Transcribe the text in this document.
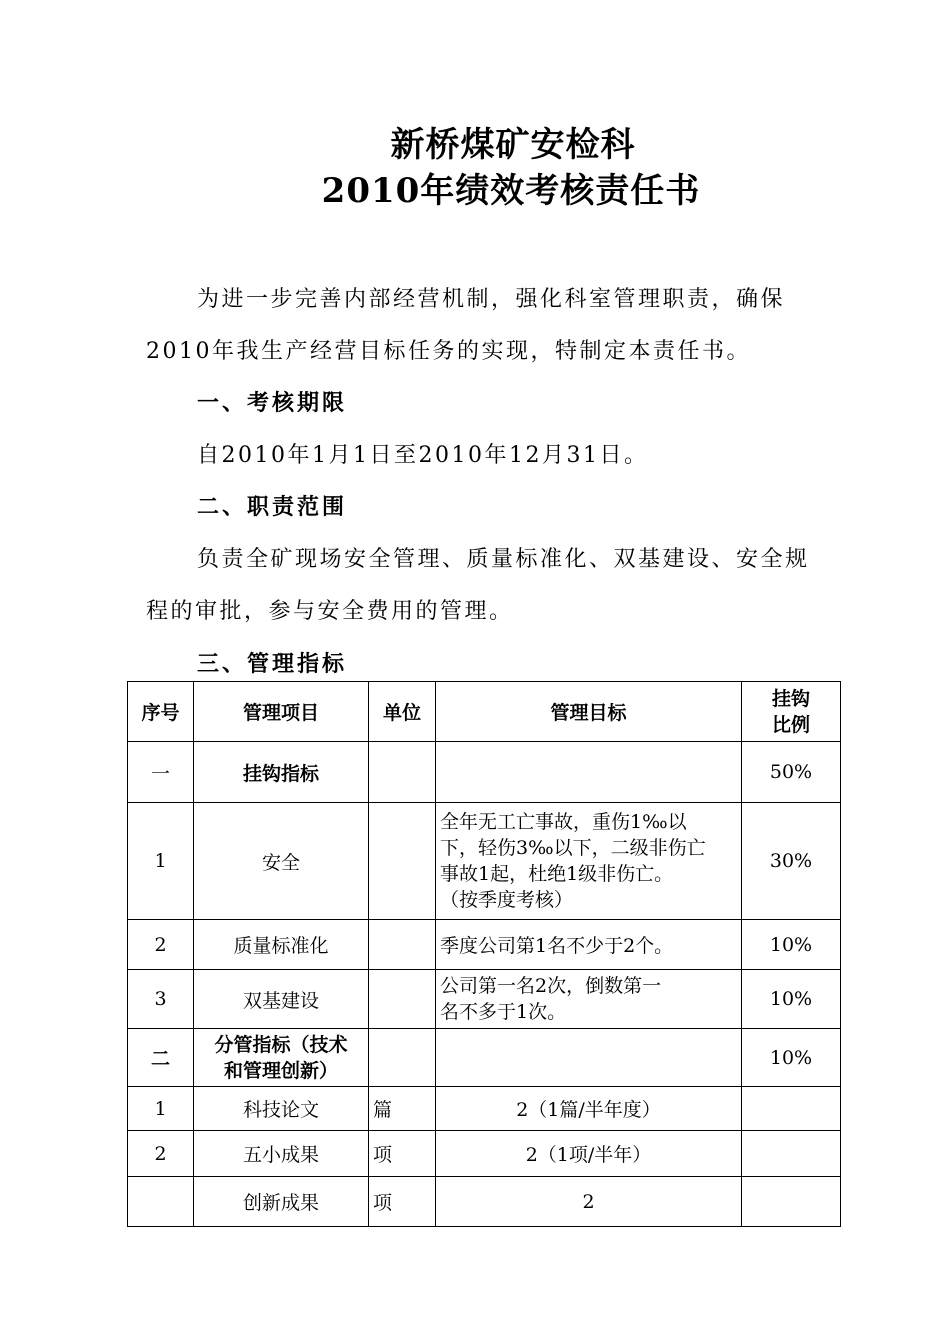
新桥煤矿安检科
2010年绩效考核责任书
为进一步完善内部经营机制，强化科室管理职责，确保
2010年我生产经营目标任务的实现，特制定本责任书。
一、考核期限
自2010年1月1日至2010年12月31日。
二、职责范围
负责全矿现场安全管理、质量标准化、双基建设、安全规
程的审批，参与安全费用的管理。
三、管理指标
序号	管理项目	单位	管理目标	挂钩
比例

一	挂钩指标			50%
1	安全		全年无工亡事故，重伤1‰以
下，轻伤3‰以下，二级非伤亡
事故1起，杜绝1级非伤亡。
（按季度考核）	30%
2	质量标准化		季度公司第1名不少于2个。	10%
3	双基建设		公司第一名2次，倒数第一
名不多于1次。	10%
二	分管指标（技术
和管理创新）			10%
1	科技论文	篇	2（1篇/半年度）	
2	五小成果	项	2（1项/半年）	
	创新成果	项	2	
